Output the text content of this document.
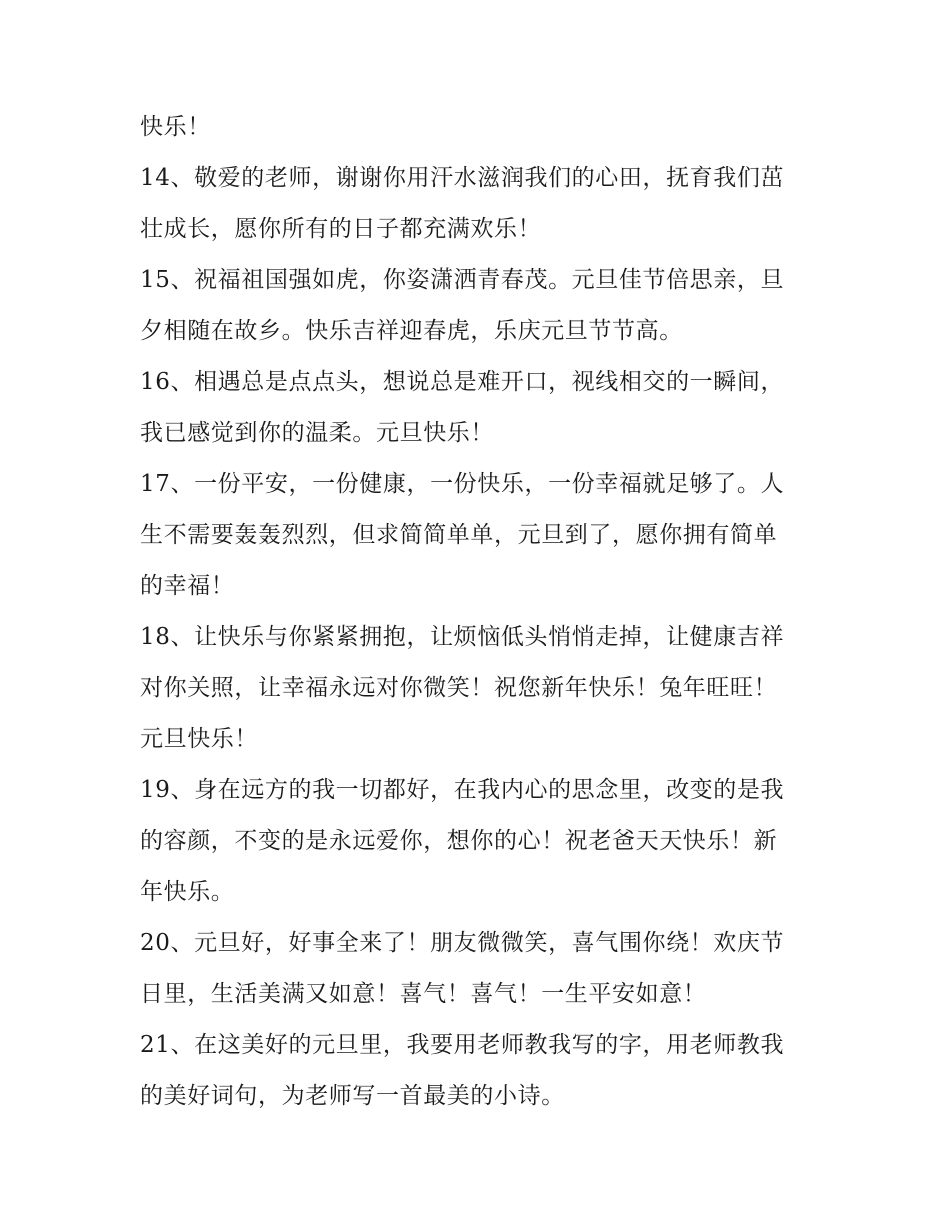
快乐！
14、敬爱的老师，谢谢你用汗水滋润我们的心田，抚育我们茁
壮成长，愿你所有的日子都充满欢乐！
15、祝福祖国强如虎，你姿潇洒青春茂。元旦佳节倍思亲，旦
夕相随在故乡。快乐吉祥迎春虎，乐庆元旦节节高。
16、相遇总是点点头，想说总是难开口，视线相交的一瞬间，
我已感觉到你的温柔。元旦快乐！
17、一份平安，一份健康，一份快乐，一份幸福就足够了。人
生不需要轰轰烈烈，但求简简单单，元旦到了，愿你拥有简单
的幸福！
18、让快乐与你紧紧拥抱，让烦恼低头悄悄走掉，让健康吉祥
对你关照，让幸福永远对你微笑！祝您新年快乐！兔年旺旺！
元旦快乐！
19、身在远方的我一切都好，在我内心的思念里，改变的是我
的容颜，不变的是永远爱你，想你的心！祝老爸天天快乐！新
年快乐。
20、元旦好，好事全来了！朋友微微笑，喜气围你绕！欢庆节
日里，生活美满又如意！喜气！喜气！一生平安如意！
21、在这美好的元旦里，我要用老师教我写的字，用老师教我
的美好词句，为老师写一首最美的小诗。
